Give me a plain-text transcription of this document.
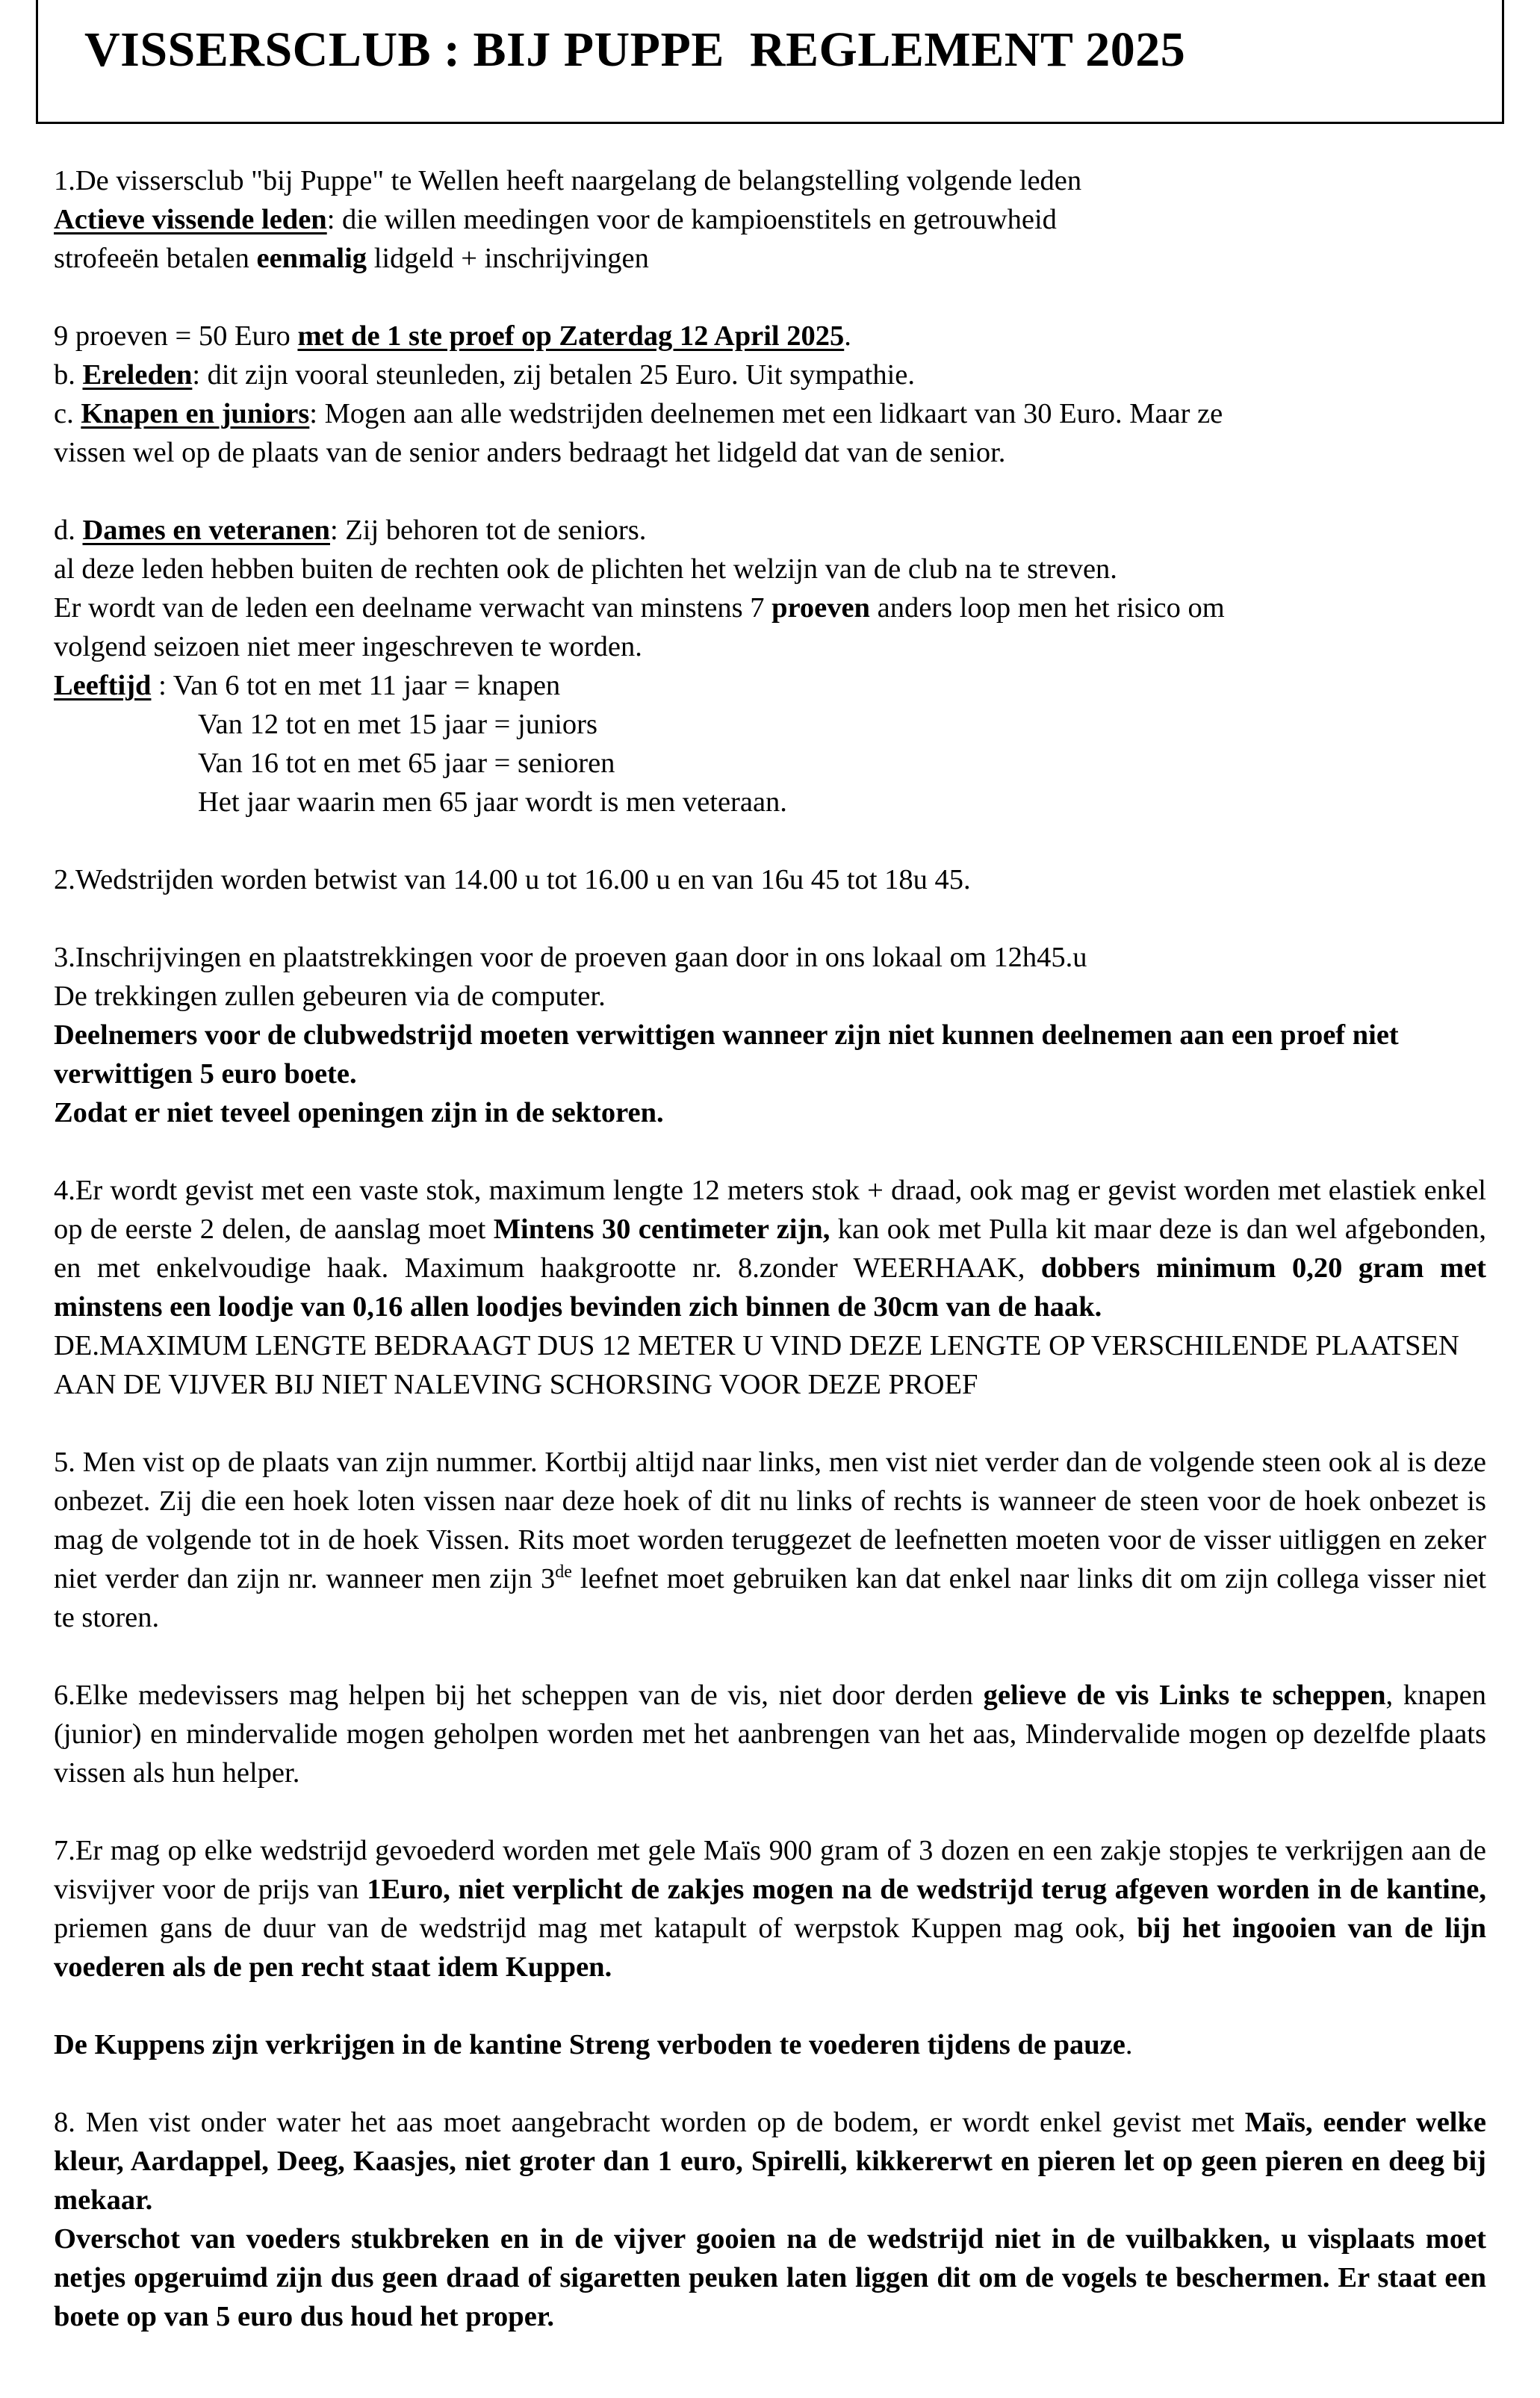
VISSERSCLUB : BIJ PUPPE  REGLEMENT 2025

1.De vissersclub "bij Puppe" te Wellen heeft naargelang de belangstelling volgende leden

Actieve vissende leden: die willen meedingen voor de kampioenstitels en getrouwheid

strofeeën betalen eenmalig lidgeld + inschrijvingen

9 proeven = 50 Euro met de 1 ste proef op Zaterdag 12 April 2025.

b. Ereleden: dit zijn vooral steunleden, zij betalen 25 Euro. Uit sympathie.

c. Knapen en juniors: Mogen aan alle wedstrijden deelnemen met een lidkaart van 30 Euro. Maar ze

vissen wel op de plaats van de senior anders bedraagt het lidgeld dat van de senior.

d. Dames en veteranen: Zij behoren tot de seniors.

al deze leden hebben buiten de rechten ook de plichten het welzijn van de club na te streven.

Er wordt van de leden een deelname verwacht van minstens 7 proeven anders loop men het risico om

volgend seizoen niet meer ingeschreven te worden.

Leeftijd : Van 6 tot en met 11 jaar = knapen

Van 12 tot en met 15 jaar = juniors

Van 16 tot en met 65 jaar = senioren

Het jaar waarin men 65 jaar wordt is men veteraan.

2.Wedstrijden worden betwist van 14.00 u tot 16.00 u en van 16u 45 tot 18u 45.

3.Inschrijvingen en plaatstrekkingen voor de proeven gaan door in ons lokaal om 12h45.u

De trekkingen zullen gebeuren via de computer.

Deelnemers voor de clubwedstrijd moeten verwittigen wanneer zijn niet kunnen deelnemen aan een proef niet verwittigen 5 euro boete.

Zodat er niet teveel openingen zijn in de sektoren.

4.Er wordt gevist met een vaste stok, maximum lengte 12 meters stok + draad, ook mag er gevist worden met elastiek enkel op de eerste 2 delen, de aanslag moet Mintens 30 centimeter zijn, kan ook met Pulla kit maar deze is dan wel afgebonden, en met enkelvoudige haak. Maximum haakgrootte nr. 8.zonder WEERHAAK, dobbers minimum 0,20 gram met minstens een loodje van 0,16 allen loodjes bevinden zich binnen de 30cm van de haak.

DE.MAXIMUM LENGTE BEDRAAGT DUS 12 METER U VIND DEZE LENGTE OP VERSCHILENDE PLAATSEN AAN DE VIJVER BIJ NIET NALEVING SCHORSING VOOR DEZE PROEF

5. Men vist op de plaats van zijn nummer. Kortbij altijd naar links, men vist niet verder dan de volgende steen ook al is deze onbezet. Zij die een hoek loten vissen naar deze hoek of dit nu links of rechts is wanneer de steen voor de hoek onbezet is mag de volgende tot in de hoek Vissen. Rits moet worden teruggezet de leefnetten moeten voor de visser uitliggen en zeker niet verder dan zijn nr. wanneer men zijn 3de leefnet moet gebruiken kan dat enkel naar links dit om zijn collega visser niet te storen.

6.Elke medevissers mag helpen bij het scheppen van de vis, niet door derden gelieve de vis Links te scheppen, knapen (junior) en mindervalide mogen geholpen worden met het aanbrengen van het aas, Mindervalide mogen op dezelfde plaats vissen als hun helper.

7.Er mag op elke wedstrijd gevoederd worden met gele Maïs 900 gram of 3 dozen en een zakje stopjes te verkrijgen aan de visvijver voor de prijs van 1Euro, niet verplicht de zakjes mogen na de wedstrijd terug afgeven worden in de kantine, priemen gans de duur van de wedstrijd mag met katapult of werpstok Kuppen mag ook, bij het ingooien van de lijn voederen als de pen recht staat idem Kuppen.

De Kuppens zijn verkrijgen in de kantine Streng verboden te voederen tijdens de pauze.

8. Men vist onder water het aas moet aangebracht worden op de bodem, er wordt enkel gevist met Maïs, eender welke kleur, Aardappel, Deeg, Kaasjes, niet groter dan 1 euro, Spirelli, kikkererwt en pieren let op geen pieren en deeg bij mekaar.

Overschot van voeders stukbreken en in de vijver gooien na de wedstrijd niet in de vuilbakken, u visplaats moet netjes opgeruimd zijn dus geen draad of sigaretten peuken laten liggen dit om de vogels te beschermen. Er staat een boete op van 5 euro dus houd het proper.
